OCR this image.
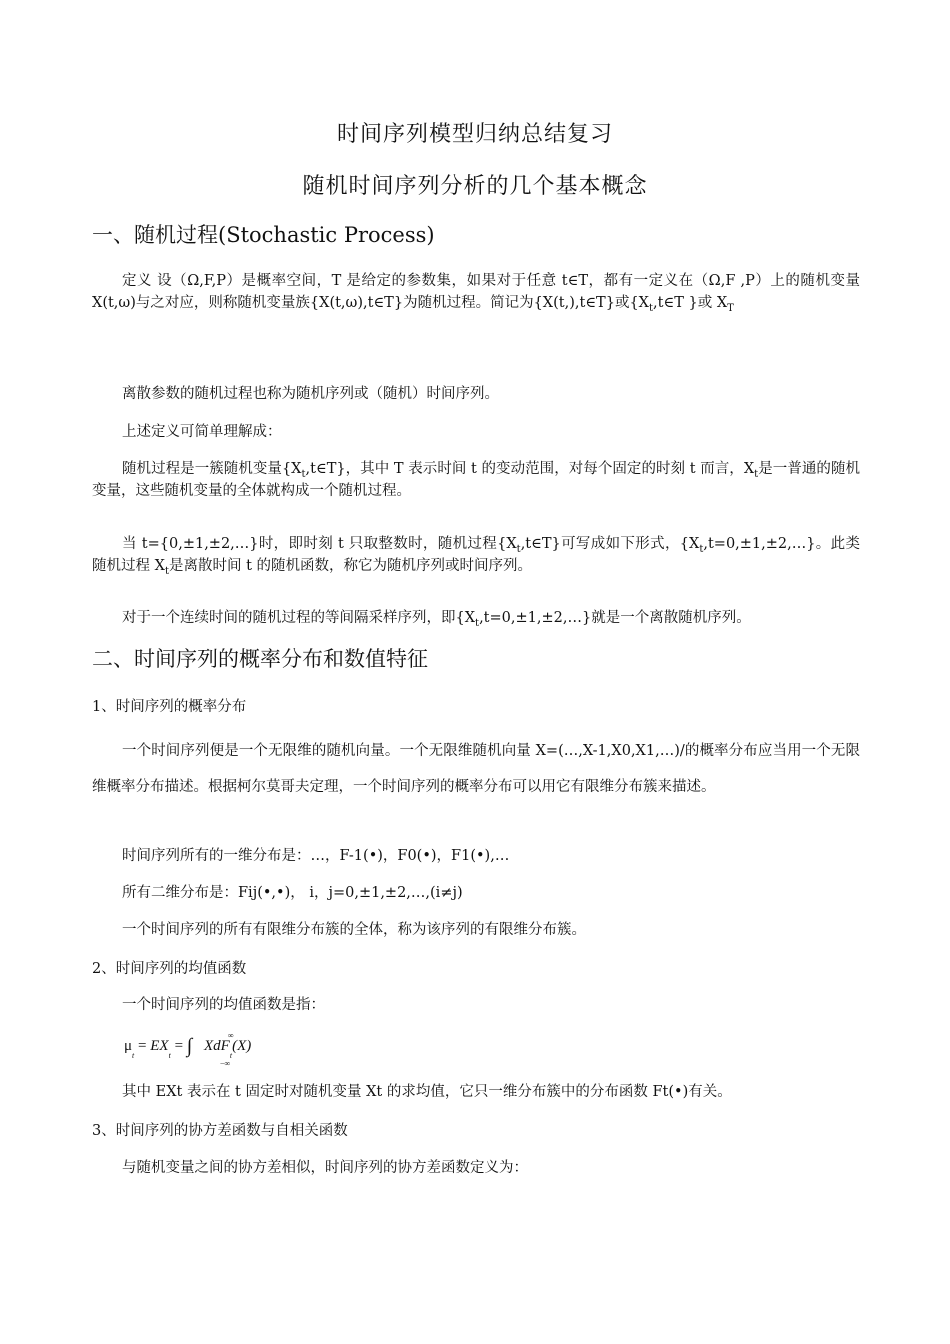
时间序列模型归纳总结复习
随机时间序列分析的几个基本概念
一、随机过程(Stochastic Process)
定义 设（Ω,F,P）是概率空间，T 是给定的参数集，如果对于任意 t∈T，都有一定义在（Ω,F ,P）上的随机变量 X(t,ω)与之对应，则称随机变量族{X(t,ω),t∈T}为随机过程。简记为{X(t,),t∈T}或{$X_t,t\in T$ }或 $X_T$
离散参数的随机过程也称为随机序列或（随机）时间序列。
上述定义可简单理解成：
随机过程是一簇随机变量$\{X_t,t\in T\}$，其中 T 表示时间 t 的变动范围，对每个固定的时刻 t 而言，$X_t$是一普通的随机变量，这些随机变量的全体就构成一个随机过程。
当 t={0,±1,±2,…}时，即时刻 t 只取整数时，随机过程$\{X_t,t\in T\}$可写成如下形式，$\{X_t,t=0,\pm 1,\pm 2,\dots\}$。此类随机过程 $X_t$是离散时间 t 的随机函数，称它为随机序列或时间序列。
对于一个连续时间的随机过程的等间隔采样序列，即$\{X_t,t=0,\pm 1,\pm 2,\dots\}$就是一个离散随机序列。
二、时间序列的概率分布和数值特征
1、时间序列的概率分布
一个时间序列便是一个无限维的随机向量。一个无限维随机向量 X=(…,X-1,X0,X1,…)/的概率分布应当用一个无限维概率分布描述。根据柯尔莫哥夫定理，一个时间序列的概率分布可以用它有限维分布簇来描述。
时间序列所有的一维分布是：…，F-1(•)，F0(•)，F1(•),…
所有二维分布是：Fij(•,•)， i，j=0,±1,±2,…,(i≠j)
一个时间序列的所有有限维分布簇的全体，称为该序列的有限维分布簇。
2、时间序列的均值函数
一个时间序列的均值函数是指：
$\mu_t = EX_t$ = ∫	∞
−∞
XdF$_t$(X)
其中 EXt 表示在 t 固定时对随机变量 Xt 的求均值，它只一维分布簇中的分布函数 Ft(•)有关。
3、时间序列的协方差函数与自相关函数
与随机变量之间的协方差相似，时间序列的协方差函数定义为：
